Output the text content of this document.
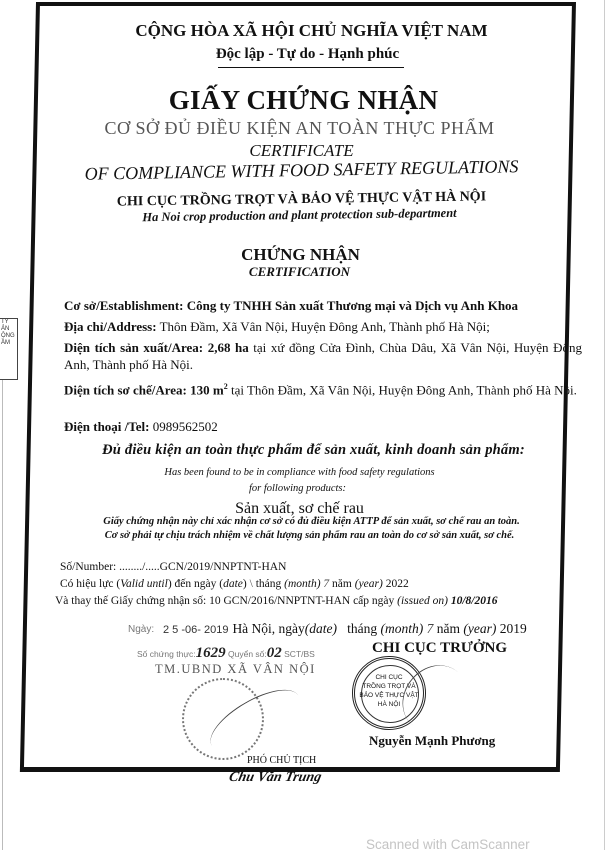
TY
ẢN
ỘNG
ẦM
CỘNG HÒA XÃ HỘI CHỦ NGHĨA VIỆT NAM
Độc lập - Tự do - Hạnh phúc
GIẤY CHỨNG NHẬN
CƠ SỞ ĐỦ ĐIỀU KIỆN AN TOÀN THỰC PHẨM
CERTIFICATE
OF COMPLIANCE WITH FOOD SAFETY REGULATIONS
CHI CỤC TRỒNG TRỌT VÀ BẢO VỆ THỰC VẬT HÀ NỘI
Ha Noi crop production and plant protection sub-department
CHỨNG NHẬN
CERTIFICATION
Cơ sở/Establishment: Công ty TNHH Sản xuất Thương mại và Dịch vụ Anh Khoa
Địa chỉ/Address: Thôn Đầm, Xã Vân Nội, Huyện Đông Anh, Thành phố Hà Nội;
Diện tích sản xuất/Area: 2,68 ha tại xứ đồng Cửa Đình, Chùa Dâu, Xã Vân Nội, Huyện Đông Anh, Thành phố Hà Nội.
Diện tích sơ chế/Area: 130 $m^2$ tại Thôn Đầm, Xã Vân Nội, Huyện Đông Anh, Thành phố Hà Nội.
Điện thoại /Tel: 0989562502
Đủ điều kiện an toàn thực phẩm để sản xuất, kinh doanh sản phẩm:
Has been found to be in compliance with food safety regulations
for following products:
Sản xuất, sơ chế rau
Giấy chứng nhận này chỉ xác nhận cơ sở có đủ điều kiện ATTP để sản xuất, sơ chế rau an toàn.
Cơ sở phải tự chịu trách nhiệm về chất lượng sản phẩm rau an toàn do cơ sở sản xuất, sơ chế.
Số/Number: ......../.....GCN/2019/NNPTNT-HAN
Có hiệu lực (Valid until) đến ngày (date) \ tháng (month) 7 năm (year) 2022
Và thay thế Giấy chứng nhận số: 10 GCN/2016/NNPTNT-HAN cấp ngày (issued on) 10/8/2016
Ngày: 2 5 -06- 2019 Hà Nội, ngày(date) tháng (month) 7 năm (year) 2019
Số chứng thực:1629 Quyển số:02 SCT/BS
TM.UBND XÃ VÂN NỘI
CHI CỤC TRƯỞNG
CHI CỤC
TRỒNG TRỌT VÀ
BẢO VỆ THỰC VẬT
HÀ NỘI
Nguyễn Mạnh Phương
PHÓ CHỦ TỊCH
Chu Văn Trung
Scanned with CamScanner
